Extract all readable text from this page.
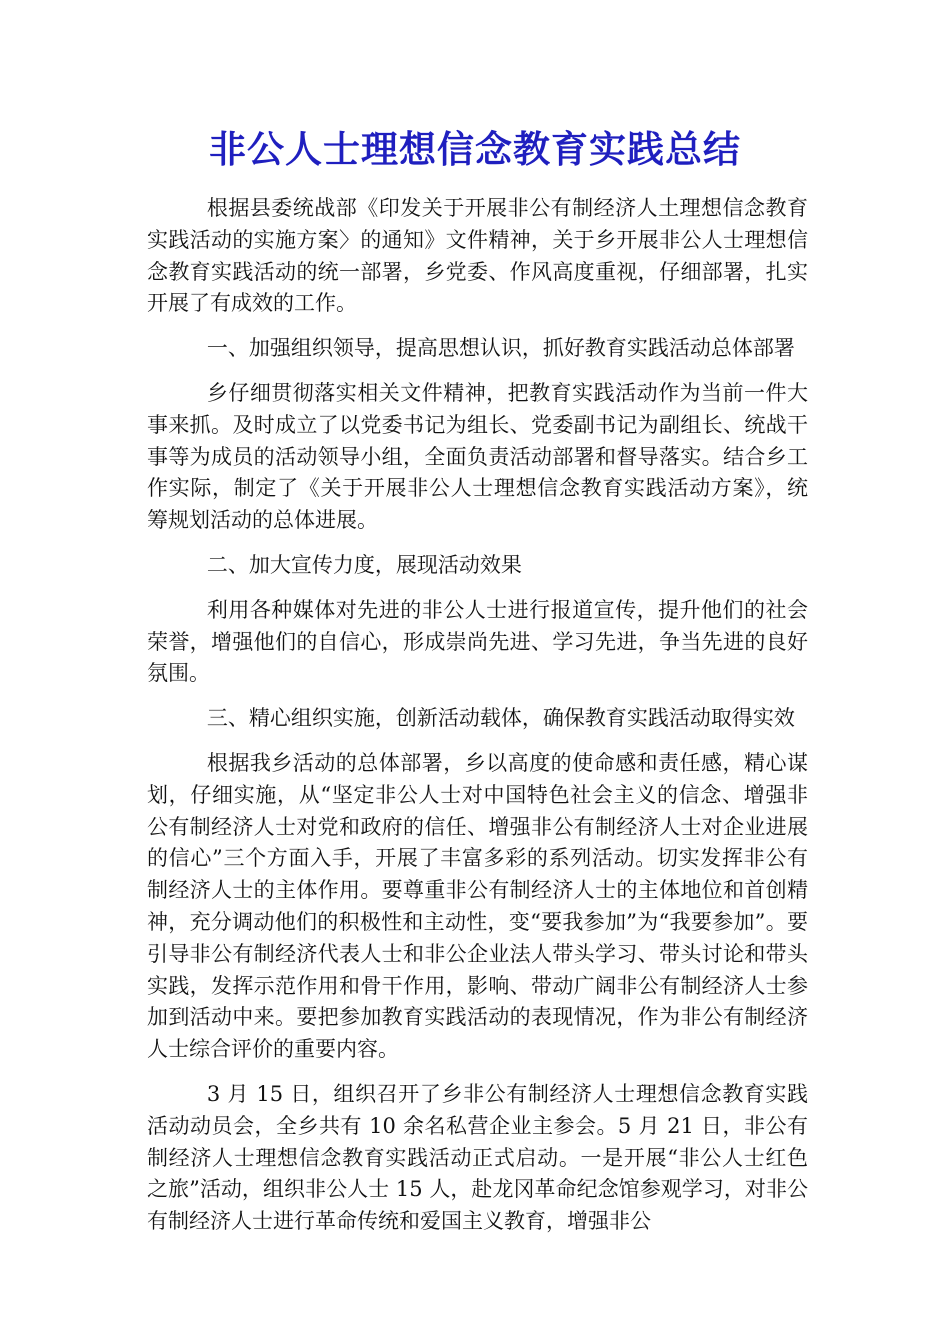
非公人士理想信念教育实践总结

根据县委统战部《印发关于开展非公有制经济人土理想信念教育实践活动的实施方案〉的通知》文件精神，关于乡开展非公人士理想信念教育实践活动的统一部署，乡党委、作风高度重视，仔细部署，扎实开展了有成效的工作。

一、加强组织领导，提高思想认识，抓好教育实践活动总体部署

乡仔细贯彻落实相关文件精神，把教育实践活动作为当前一件大事来抓。及时成立了以党委书记为组长、党委副书记为副组长、统战干事等为成员的活动领导小组，全面负责活动部署和督导落实。结合乡工作实际，制定了《关于开展非公人士理想信念教育实践活动方案》，统筹规划活动的总体进展。

二、加大宣传力度，展现活动效果

利用各种媒体对先进的非公人士进行报道宣传，提升他们的社会荣誉，增强他们的自信心，形成崇尚先进、学习先进，争当先进的良好氛围。

三、精心组织实施，创新活动载体，确保教育实践活动取得实效

根据我乡活动的总体部署，乡以高度的使命感和责任感，精心谋划，仔细实施，从“坚定非公人士对中国特色社会主义的信念、增强非公有制经济人士对党和政府的信任、增强非公有制经济人士对企业进展的信心”三个方面入手，开展了丰富多彩的系列活动。切实发挥非公有制经济人士的主体作用。要尊重非公有制经济人士的主体地位和首创精神，充分调动他们的积极性和主动性，变“要我参加”为“我要参加”。要引导非公有制经济代表人士和非公企业法人带头学习、带头讨论和带头实践，发挥示范作用和骨干作用，影响、带动广阔非公有制经济人士参加到活动中来。要把参加教育实践活动的表现情况，作为非公有制经济人士综合评价的重要内容。

3 月 15 日，组织召开了乡非公有制经济人士理想信念教育实践活动动员会，全乡共有 10 余名私营企业主参会。5 月 21 日，非公有制经济人士理想信念教育实践活动正式启动。一是开展“非公人士红色之旅”活动，组织非公人士 15 人，赴龙冈革命纪念馆参观学习，对非公有制经济人士进行革命传统和爱国主义教育，增强非公
